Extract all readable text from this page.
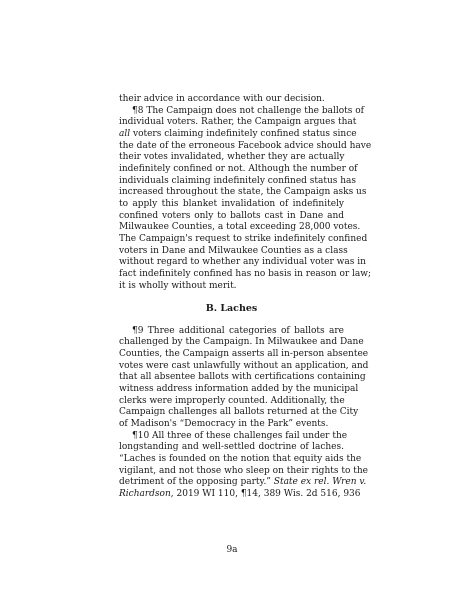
their advice in accordance with our decision.
¶8 The Campaign does not challenge the ballots of
individual voters. Rather, the Campaign argues that
all voters claiming indefinitely confined status since
the date of the erroneous Facebook advice should have
their votes invalidated, whether they are actually
indefinitely confined or not. Although the number of
individuals claiming indefinitely confined status has
increased throughout the state, the Campaign asks us
to apply this blanket invalidation of indefinitely
confined voters only to ballots cast in Dane and
Milwaukee Counties, a total exceeding 28,000 votes.
The Campaign's request to strike indefinitely confined
voters in Dane and Milwaukee Counties as a class
without regard to whether any individual voter was in
fact indefinitely confined has no basis in reason or law;
it is wholly without merit.
B. Laches
¶9 Three additional categories of ballots are
challenged by the Campaign. In Milwaukee and Dane
Counties, the Campaign asserts all in-person absentee
votes were cast unlawfully without an application, and
that all absentee ballots with certifications containing
witness address information added by the municipal
clerks were improperly counted. Additionally, the
Campaign challenges all ballots returned at the City
of Madison's “Democracy in the Park” events.
¶10 All three of these challenges fail under the
longstanding and well-settled doctrine of laches.
“Laches is founded on the notion that equity aids the
vigilant, and not those who sleep on their rights to the
detriment of the opposing party.” State ex rel. Wren v.
Richardson, 2019 WI 110, ¶14, 389 Wis. 2d 516, 936
9a
